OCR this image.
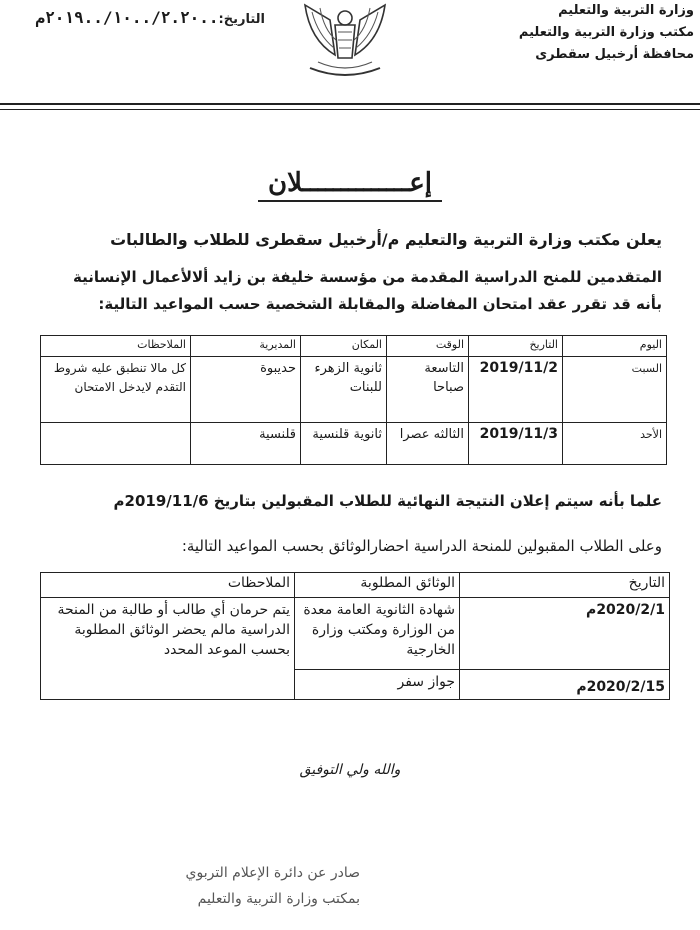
وزارة التربية والتعليم
مكتب وزارة التربية والتعليم
محافظة أرخبيل سقطرى
التاريخ:..٢.٢٠/..١٠/..٢٠١٩م
إعــــــــــــــلان
يعلن مكتب وزارة التربية والتعليم م/أرخبيل سقطرى للطلاب والطالبات
المتقدمين للمنح الدراسية المقدمة من مؤسسة خليفة بن زايد ألالأعمال الإنسانية
بأنه قد تقرر عقد امتحان المفاضلة والمقابلة الشخصية حسب المواعيد التالية:
اليوم	التاريخ	الوقت	المكان	المديرية	الملاحظات
السبت	2019/11/2	التاسعة صباحا	ثانوية الزهرء للبنات	حديبوة	كل مالا تنطبق عليه شروط التقدم لايدخل الامتحان
الأحد	2019/11/3	الثالثه عصرا	ثانوية قلنسية	قلنسية	
علما بأنه سيتم إعلان النتيجة النهائية للطلاب المقبولين بتاريخ 2019/11/6م
وعلى الطلاب المقبولين للمنحة الدراسية احضارالوثائق بحسب المواعيد التالية:
التاريخ	الوثائق المطلوبة	الملاحظات
2020/2/1م	شهادة الثانوية العامة معدة من الوزارة ومكتب وزارة الخارجية	يتم حرمان أي طالب أو طالبة من المنحة الدراسية مالم يحضر الوثائق المطلوبة بحسب الموعد المحدد
2020/2/15م	جواز سفر	
والله ولي التوفيق
صادر عن دائرة الإعلام التربوي
بمكتب وزارة التربية والتعليم
